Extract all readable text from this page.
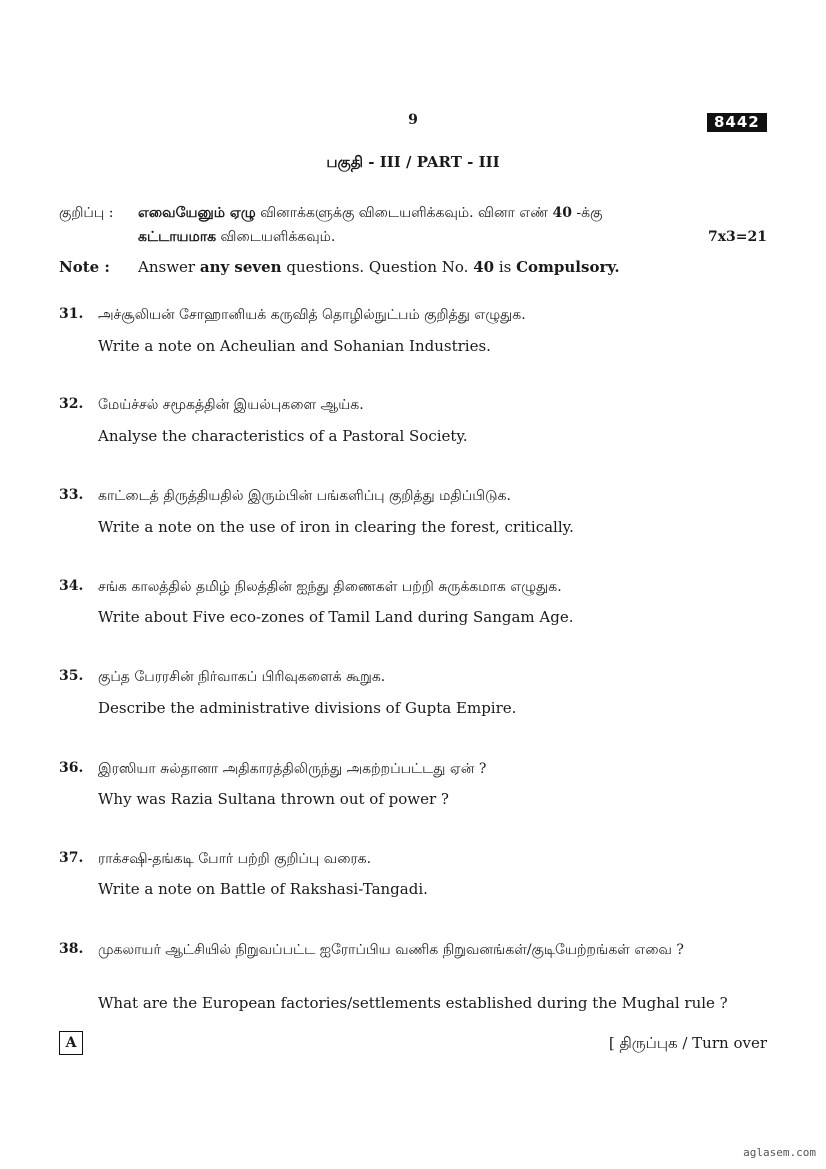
9	8442
பகுதி - III / PART - III
குறிப்பு : எவையேனும் ஏழு வினாக்களுக்கு விடையளிக்கவும். வினா எண் 40 -க்கு
கட்டாயமாக விடையளிக்கவும்.	7x3=21
Note : Answer any seven questions. Question No. 40 is Compulsory.
31. அச்சூலியன் சோஹானியக் கருவித் தொழில்நுட்பம் குறித்து எழுதுக.
Write a note on Acheulian and Sohanian Industries.
32. மேய்ச்சல் சமூகத்தின் இயல்புகளை ஆய்க.
Analyse the characteristics of a Pastoral Society.
33. காட்டைத் திருத்தியதில் இரும்பின் பங்களிப்பு குறித்து மதிப்பிடுக.
Write a note on the use of iron in clearing the forest, critically.
34. சங்க காலத்தில் தமிழ் நிலத்தின் ஐந்து திணைகள் பற்றி சுருக்கமாக எழுதுக.
Write about Five eco-zones of Tamil Land during Sangam Age.
35. குப்த பேரரசின் நிர்வாகப் பிரிவுகளைக் கூறுக.
Describe the administrative divisions of Gupta Empire.
36. இரஸியா சுல்தானா அதிகாரத்திலிருந்து அகற்றப்பட்டது ஏன் ?
Why was Razia Sultana thrown out of power ?
37. ராக்சஷி-தங்கடி போர் பற்றி குறிப்பு வரைக.
Write a note on Battle of Rakshasi-Tangadi.
38. முகலாயர் ஆட்சியில் நிறுவப்பட்ட ஐரோப்பிய வணிக நிறுவனங்கள்/குடியேற்றங்கள் எவை ?
What are the European factories/settlements established during the Mughal rule ?
A	[ திருப்புக / Turn over
aglasem.com
